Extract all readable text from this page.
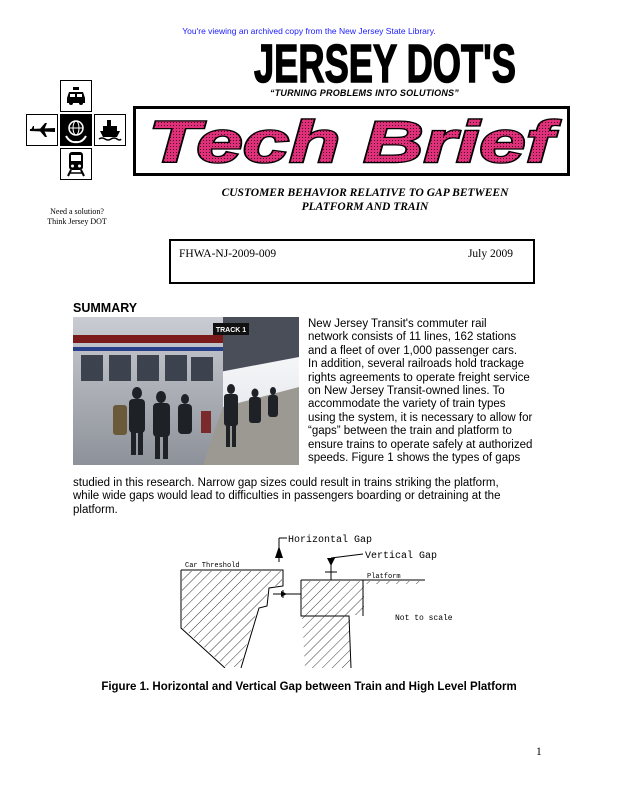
You're viewing an archived copy from the New Jersey State Library.
JERSEY DOT'S
“TURNING PROBLEMS INTO SOLUTIONS”
Need a solution?
Think Jersey DOT
Tech Brief
CUSTOMER BEHAVIOR RELATIVE TO GAP BETWEEN
PLATFORM AND TRAIN
FHWA-NJ-2009-009	July 2009
SUMMARY
TRACK 1
New Jersey Transit's commuter rail
network consists of 11 lines, 162 stations
and a fleet of over 1,000 passenger cars.
In addition, several railroads hold trackage
rights agreements to operate freight service
on New Jersey Transit-owned lines. To
accommodate the variety of train types
using the system, it is necessary to allow for
“gaps” between the train and platform to
ensure trains to operate safely at authorized
speeds. Figure 1 shows the types of gaps
studied in this research. Narrow gap sizes could result in trains striking the platform,
while wide gaps would lead to difficulties in passengers boarding or detraining at the
platform.
Horizontal Gap
Vertical Gap
Car Threshold
Platform
Not to scale
Figure 1. Horizontal and Vertical Gap between Train and High Level Platform
1
